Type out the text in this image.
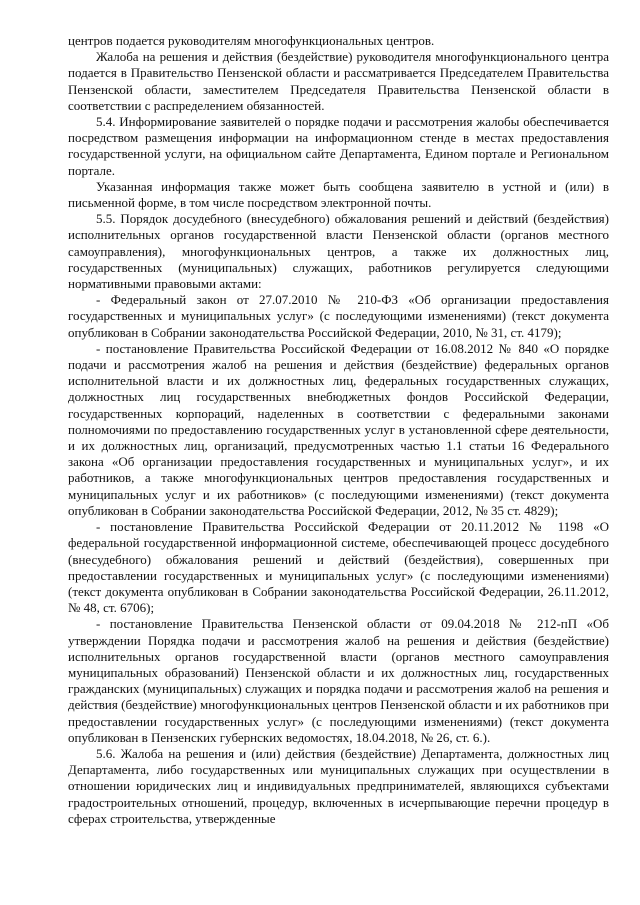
центров подается руководителям многофункциональных центров.

Жалоба на решения и действия (бездействие) руководителя многофункционального центра подается в Правительство Пензенской области и рассматривается Председателем Правительства Пензенской области, заместителем Председателя Правительства Пензенской области в соответствии с распределением обязанностей.

5.4. Информирование заявителей о порядке подачи и рассмотрения жалобы обеспечивается посредством размещения информации на информационном стенде в местах предоставления государственной услуги, на официальном сайте Департамента, Едином портале и Региональном портале.

Указанная информация также может быть сообщена заявителю в устной и (или) в письменной форме, в том числе посредством электронной почты.

5.5. Порядок досудебного (внесудебного) обжалования решений и действий (бездействия) исполнительных органов государственной власти Пензенской области (органов местного самоуправления), многофункциональных центров, а также их должностных лиц, государственных (муниципальных) служащих, работников регулируется следующими нормативными правовыми актами:

- Федеральный закон от 27.07.2010 № 210-ФЗ «Об организации предоставления государственных и муниципальных услуг» (с последующими изменениями) (текст документа опубликован в Собрании законодательства Российской Федерации, 2010, № 31, ст. 4179);

- постановление Правительства Российской Федерации от 16.08.2012 № 840 «О порядке подачи и рассмотрения жалоб на решения и действия (бездействие) федеральных органов исполнительной власти и их должностных лиц, федеральных государственных служащих, должностных лиц государственных внебюджетных фондов Российской Федерации, государственных корпораций, наделенных в соответствии с федеральными законами полномочиями по предоставлению государственных услуг в установленной сфере деятельности, и их должностных лиц, организаций, предусмотренных частью 1.1 статьи 16 Федерального закона «Об организации предоставления государственных и муниципальных услуг», и их работников, а также многофункциональных центров предоставления государственных и муниципальных услуг и их работников» (с последующими изменениями) (текст документа опубликован в Собрании законодательства Российской Федерации, 2012, № 35 ст. 4829);

- постановление Правительства Российской Федерации от 20.11.2012 № 1198 «О федеральной государственной информационной системе, обеспечивающей процесс досудебного (внесудебного) обжалования решений и действий (бездействия), совершенных при предоставлении государственных и муниципальных услуг» (с последующими изменениями) (текст документа опубликован в Собрании законодательства Российской Федерации, 26.11.2012, № 48, ст. 6706);

- постановление Правительства Пензенской области от 09.04.2018 № 212-пП «Об утверждении Порядка подачи и рассмотрения жалоб на решения и действия (бездействие) исполнительных органов государственной власти (органов местного самоуправления муниципальных образований) Пензенской области и их должностных лиц, государственных гражданских (муниципальных) служащих и порядка подачи и рассмотрения жалоб на решения и действия (бездействие) многофункциональных центров Пензенской области и их работников при предоставлении государственных услуг» (с последующими изменениями) (текст документа опубликован в Пензенских губернских ведомостях, 18.04.2018, № 26, ст. 6.).

5.6. Жалоба на решения и (или) действия (бездействие) Департамента, должностных лиц Департамента, либо государственных или муниципальных служащих при осуществлении в отношении юридических лиц и индивидуальных предпринимателей, являющихся субъектами градостроительных отношений, процедур, включенных в исчерпывающие перечни процедур в сферах строительства, утвержденные
